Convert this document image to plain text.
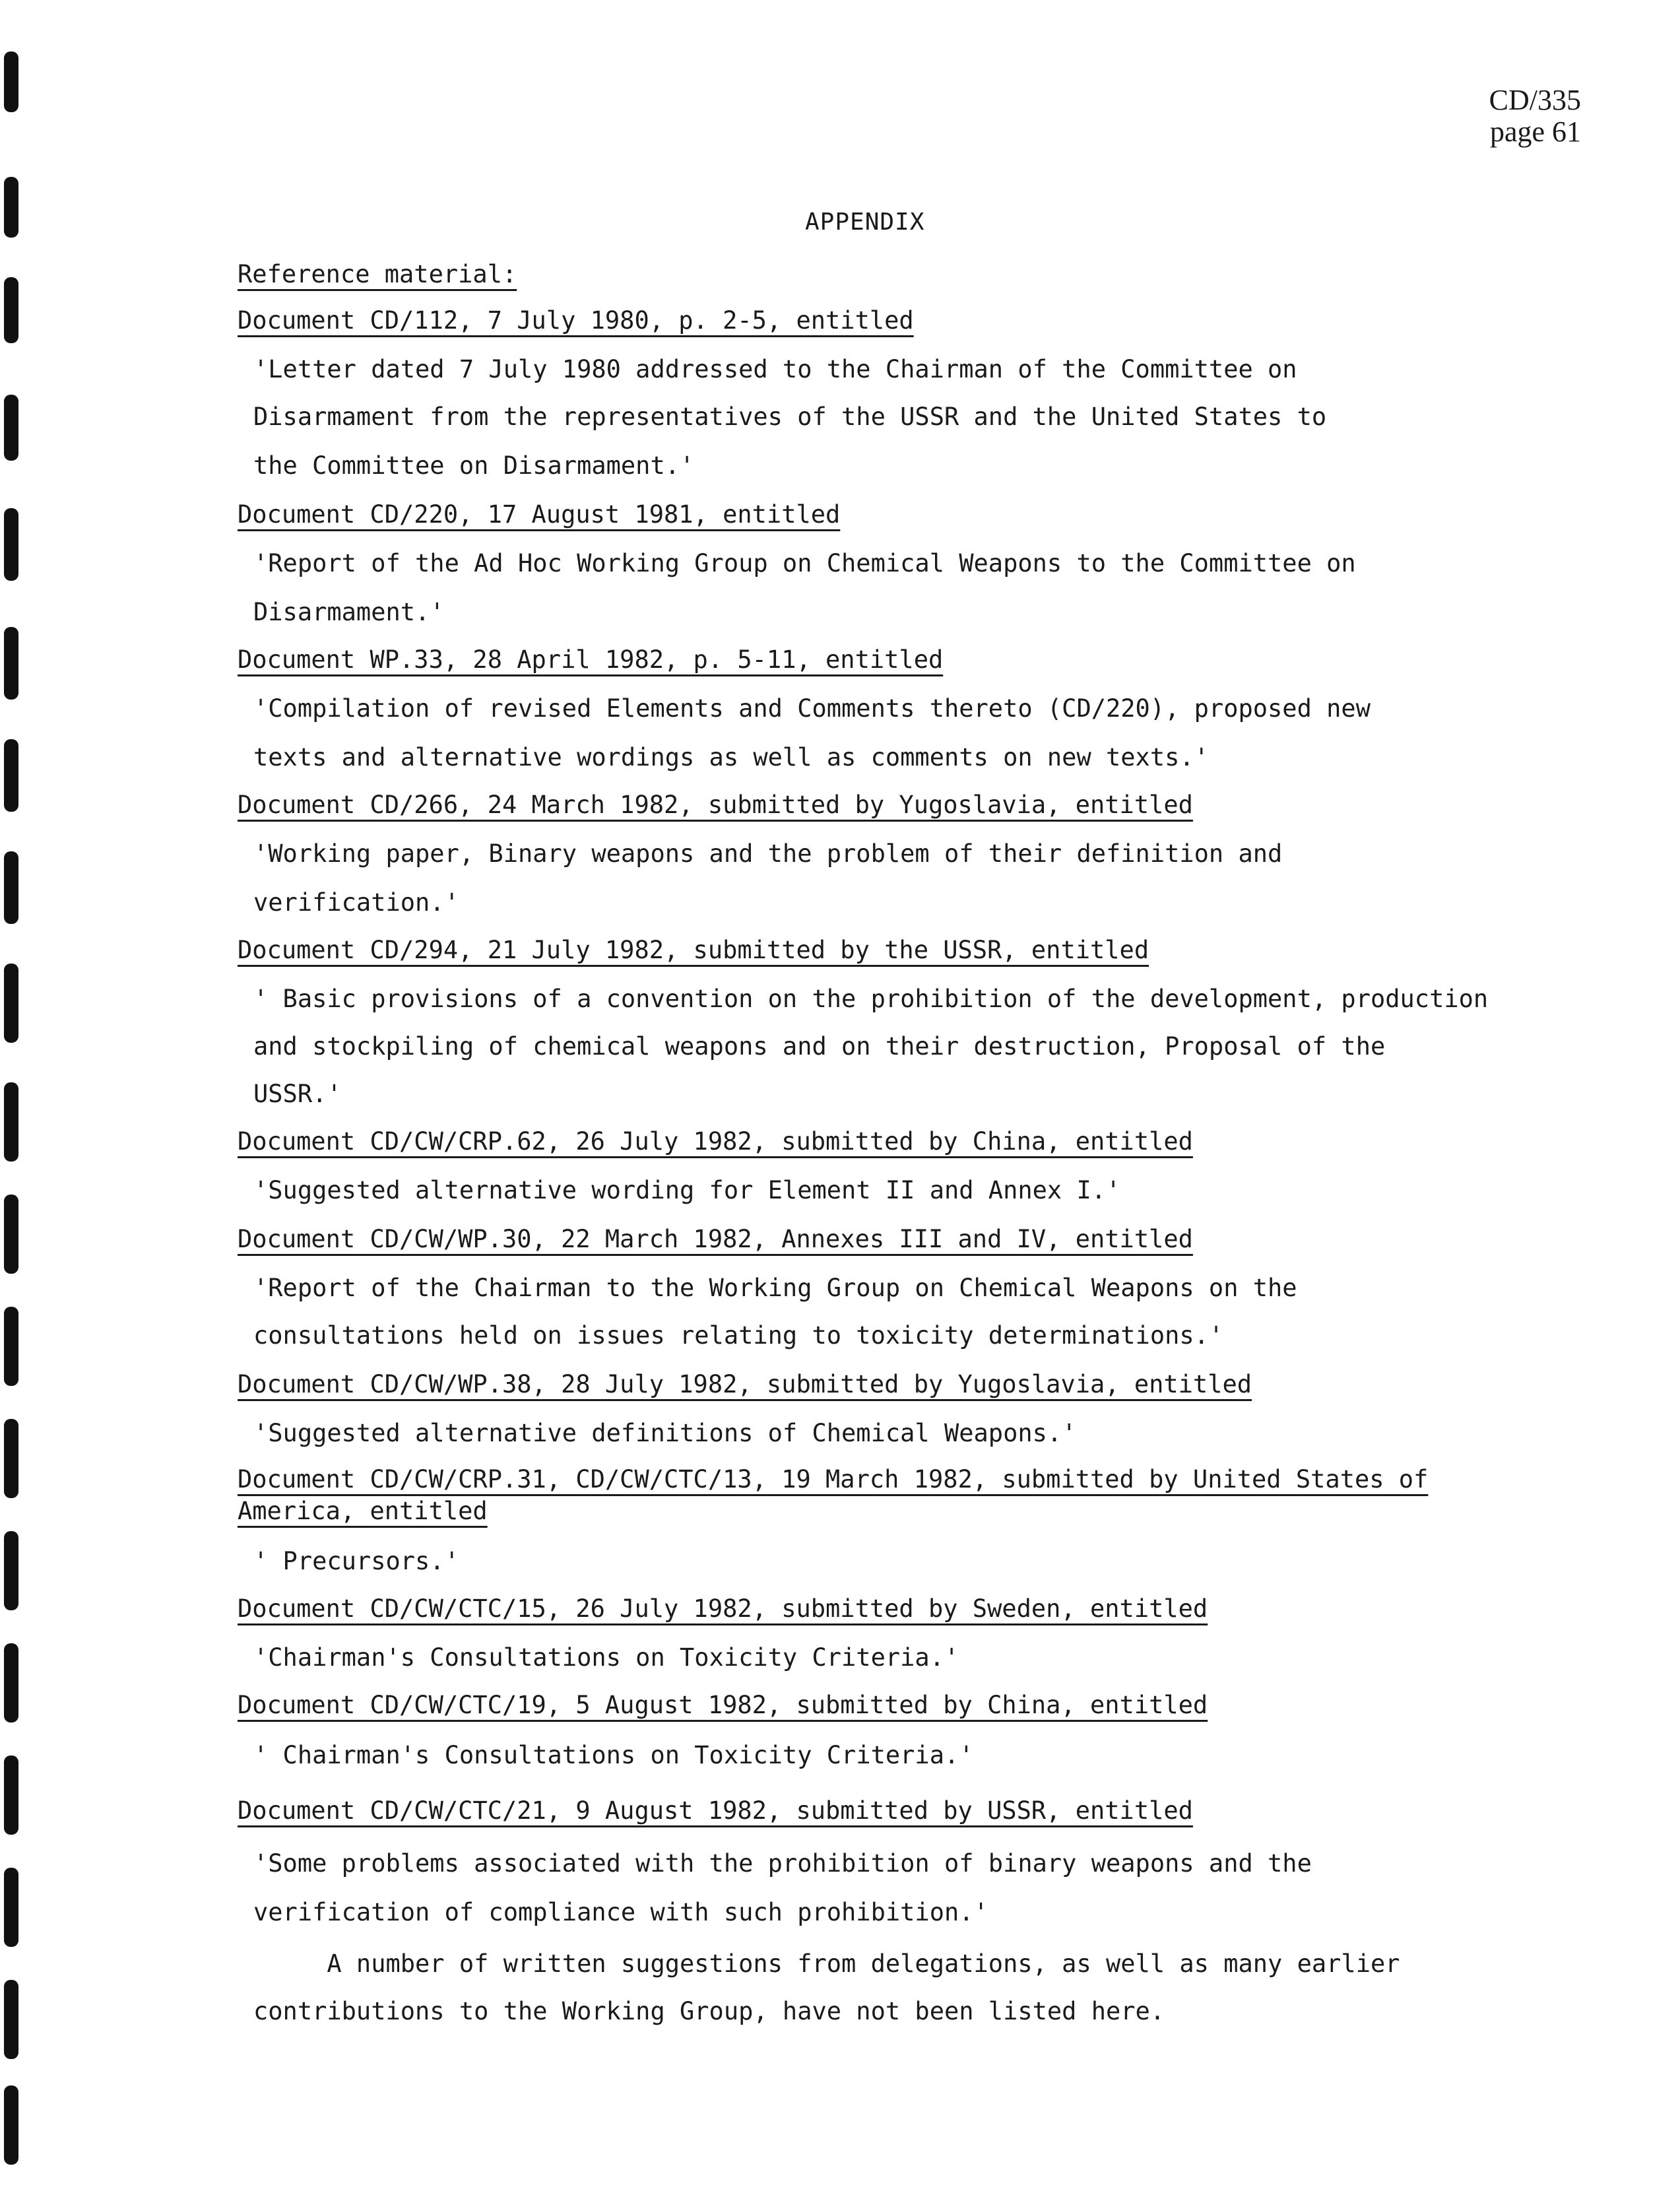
CD/335
page 61
APPENDIX
Reference material:
Document CD/112, 7 July 1980, p. 2-5, entitled
'Letter dated 7 July 1980 addressed to the Chairman of the Committee on
Disarmament from the representatives of the USSR and the United States to
the Committee on Disarmament.'
Document CD/220, 17 August 1981, entitled
'Report of the Ad Hoc Working Group on Chemical Weapons to the Committee on
Disarmament.'
Document WP.33, 28 April 1982, p. 5-11, entitled
'Compilation of revised Elements and Comments thereto (CD/220), proposed new
texts and alternative wordings as well as comments on new texts.'
Document CD/266, 24 March 1982, submitted by Yugoslavia, entitled
'Working paper, Binary weapons and the problem of their definition and
verification.'
Document CD/294, 21 July 1982, submitted by the USSR, entitled
' Basic provisions of a convention on the prohibition of the development, production
and stockpiling of chemical weapons and on their destruction, Proposal of the
USSR.'
Document CD/CW/CRP.62, 26 July 1982, submitted by China, entitled
'Suggested alternative wording for Element II and Annex I.'
Document CD/CW/WP.30, 22 March 1982, Annexes III and IV, entitled
'Report of the Chairman to the Working Group on Chemical Weapons on the
consultations held on issues relating to toxicity determinations.'
Document CD/CW/WP.38, 28 July 1982, submitted by Yugoslavia, entitled
'Suggested alternative definitions of Chemical Weapons.'
Document CD/CW/CRP.31, CD/CW/CTC/13, 19 March 1982, submitted by United States of
America, entitled
' Precursors.'
Document CD/CW/CTC/15, 26 July 1982, submitted by Sweden, entitled
'Chairman's Consultations on Toxicity Criteria.'
Document CD/CW/CTC/19, 5 August 1982, submitted by China, entitled
' Chairman's Consultations on Toxicity Criteria.'
Document CD/CW/CTC/21, 9 August 1982, submitted by USSR, entitled
'Some problems associated with the prohibition of binary weapons and the
verification of compliance with such prohibition.'
A number of written suggestions from delegations, as well as many earlier
contributions to the Working Group, have not been listed here.
